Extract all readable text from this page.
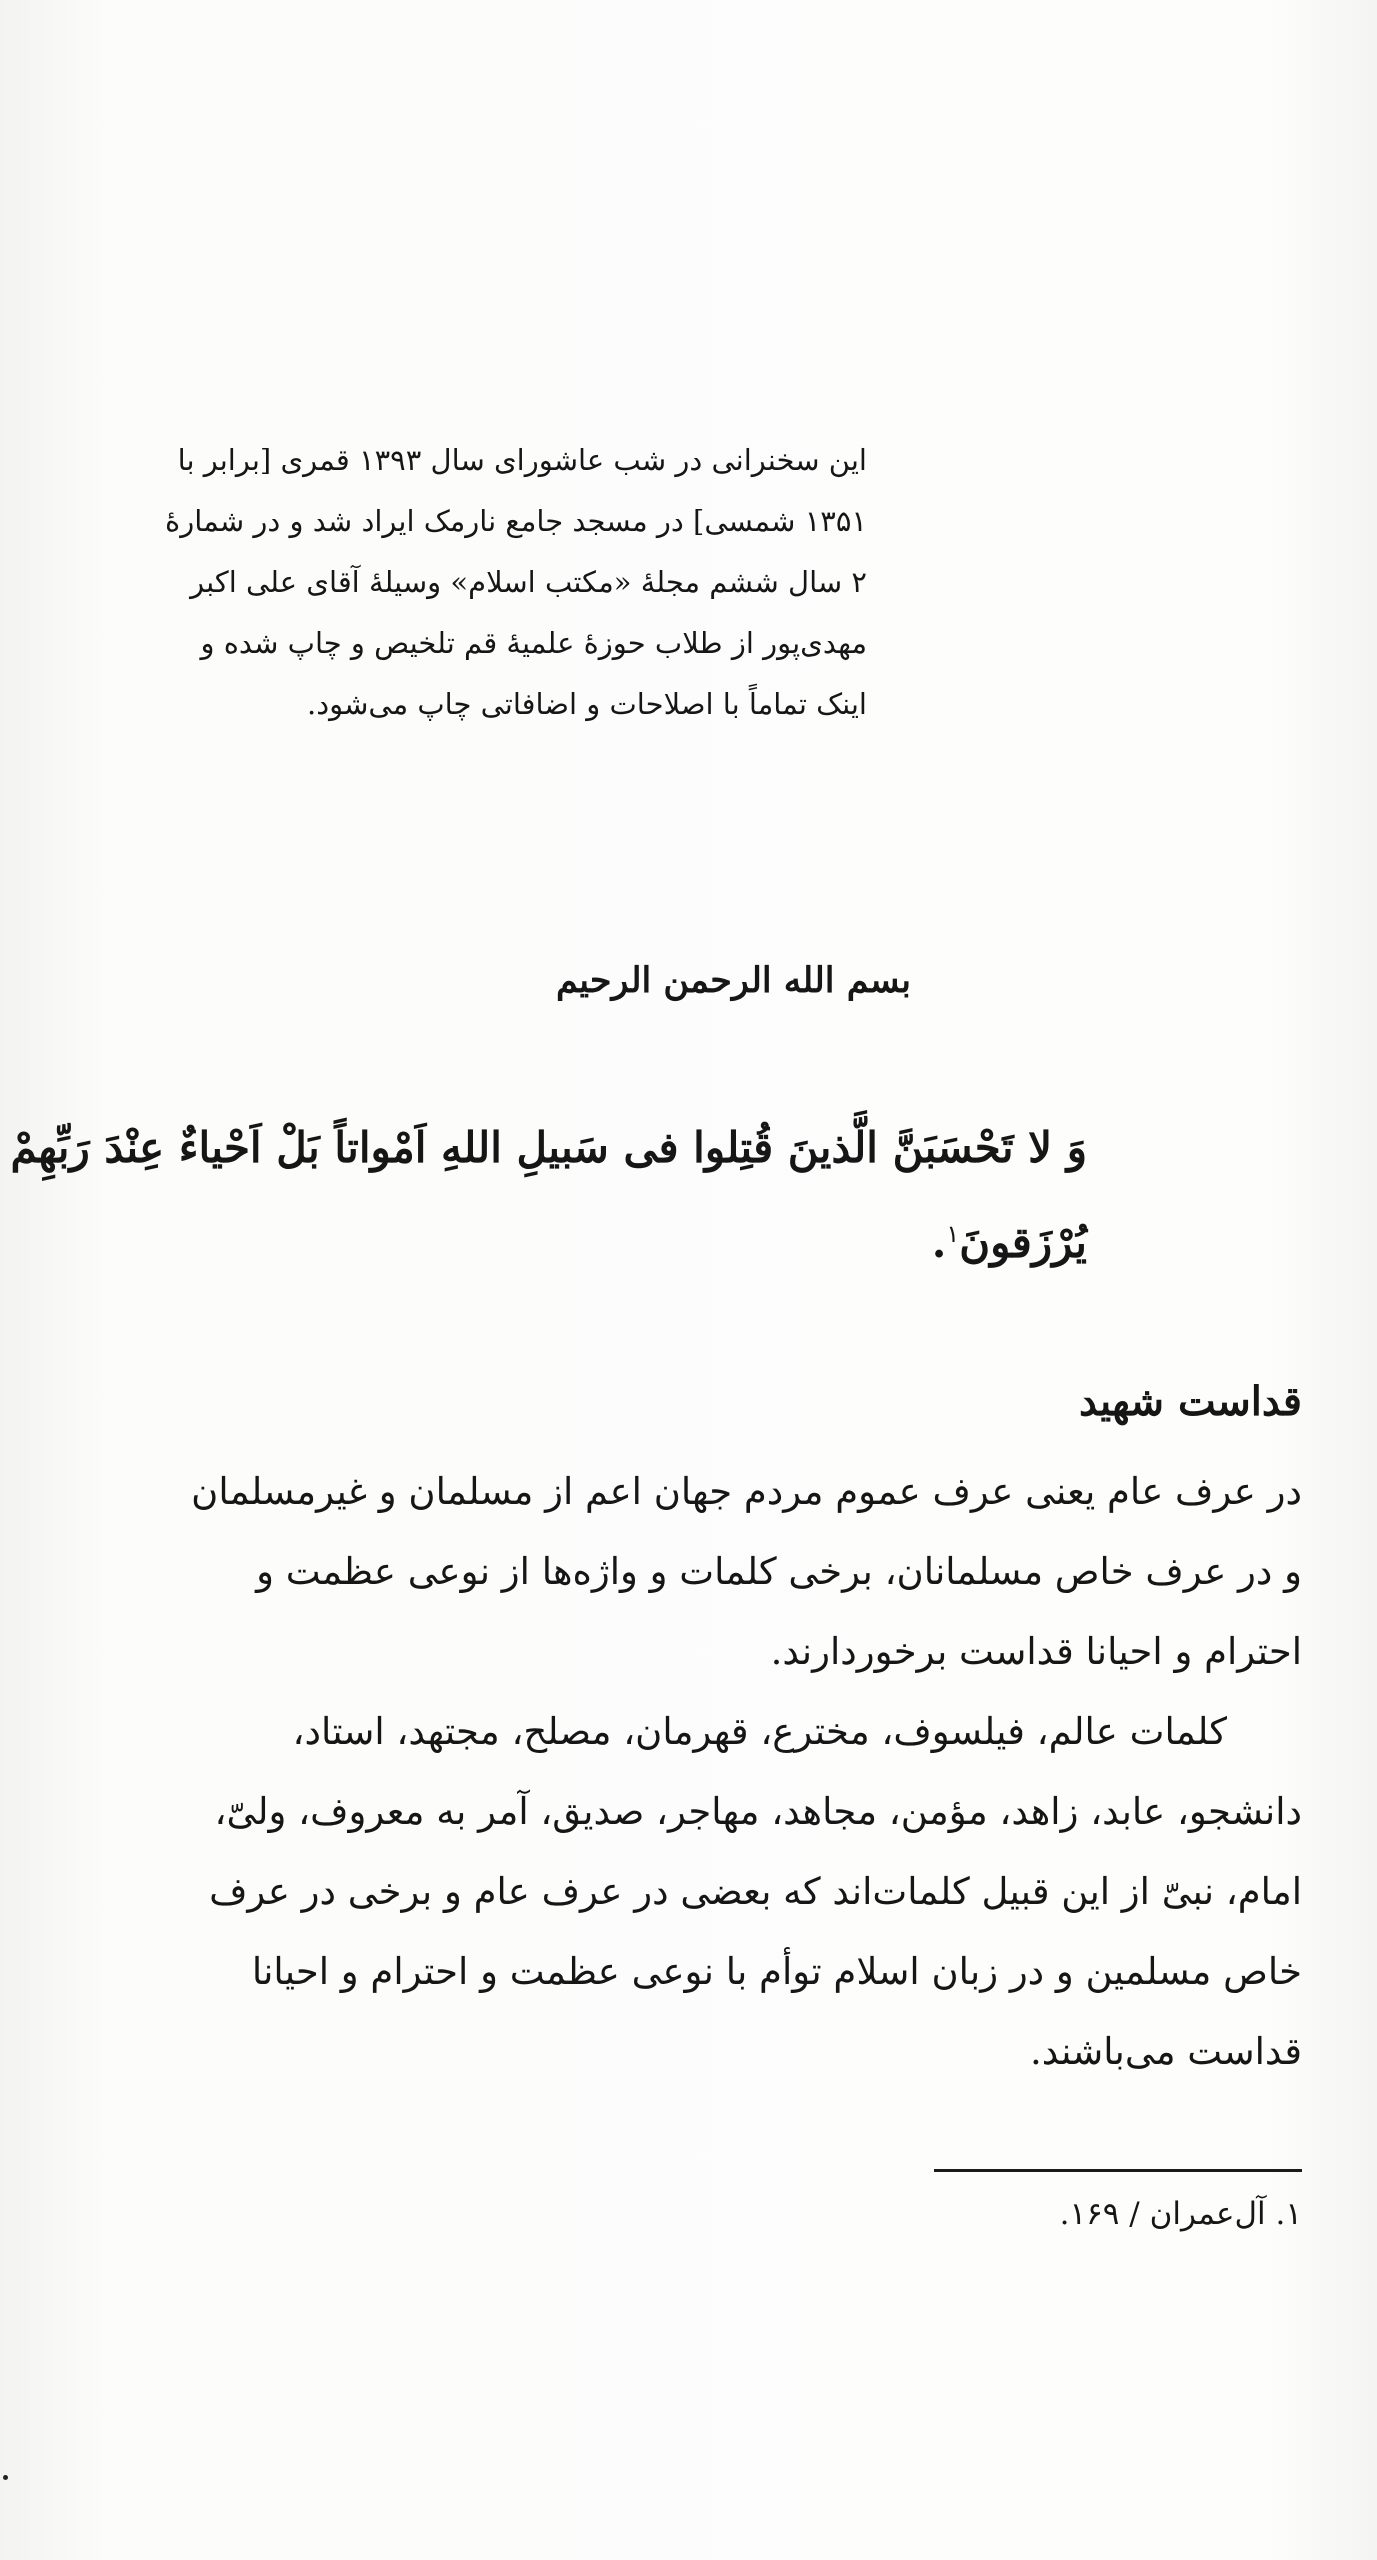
این سخنرانی در شب عاشورای سال ۱۳۹۳ قمری [برابر با
۱۳۵۱ شمسی] در مسجد جامع نارمک ایراد شد و در شمارۀ
۲ سال ششم مجلۀ «مکتب اسلام» وسیلۀ آقای علی اکبر
مهدی‌پور از طلاب حوزۀ علمیۀ قم تلخیص و چاپ شده و
اینک تماماً با اصلاحات و اضافاتی چاپ می‌شود.

بسم الله الرحمن الرحیم

وَ لا تَحْسَبَنَّ الَّذینَ قُتِلوا فی سَبیلِ اللهِ اَمْواتاً بَلْ اَحْیاءٌ عِنْدَ رَبِّهِمْ
یُرْزَقونَ$^۱$.

قداست شهید

در عرف عام یعنی عرف عموم مردم جهان اعم از مسلمان و غیرمسلمان
و در عرف خاص مسلمانان، برخی کلمات و واژه‌ها از نوعی عظمت و
احترام و احیانا قداست برخوردارند.
کلمات عالم، فیلسوف، مخترع، قهرمان، مصلح، مجتهد، استاد،
دانشجو، عابد، زاهد، مؤمن، مجاهد، مهاجر، صدیق، آمر به معروف، ولیّ،
امام، نبیّ از این قبیل کلمات‌اند که بعضی در عرف عام و برخی در عرف
خاص مسلمین و در زبان اسلام توأم با نوعی عظمت و احترام و احیانا
قداست می‌باشند.

۱. آل‌عمران / ۱۶۹.
